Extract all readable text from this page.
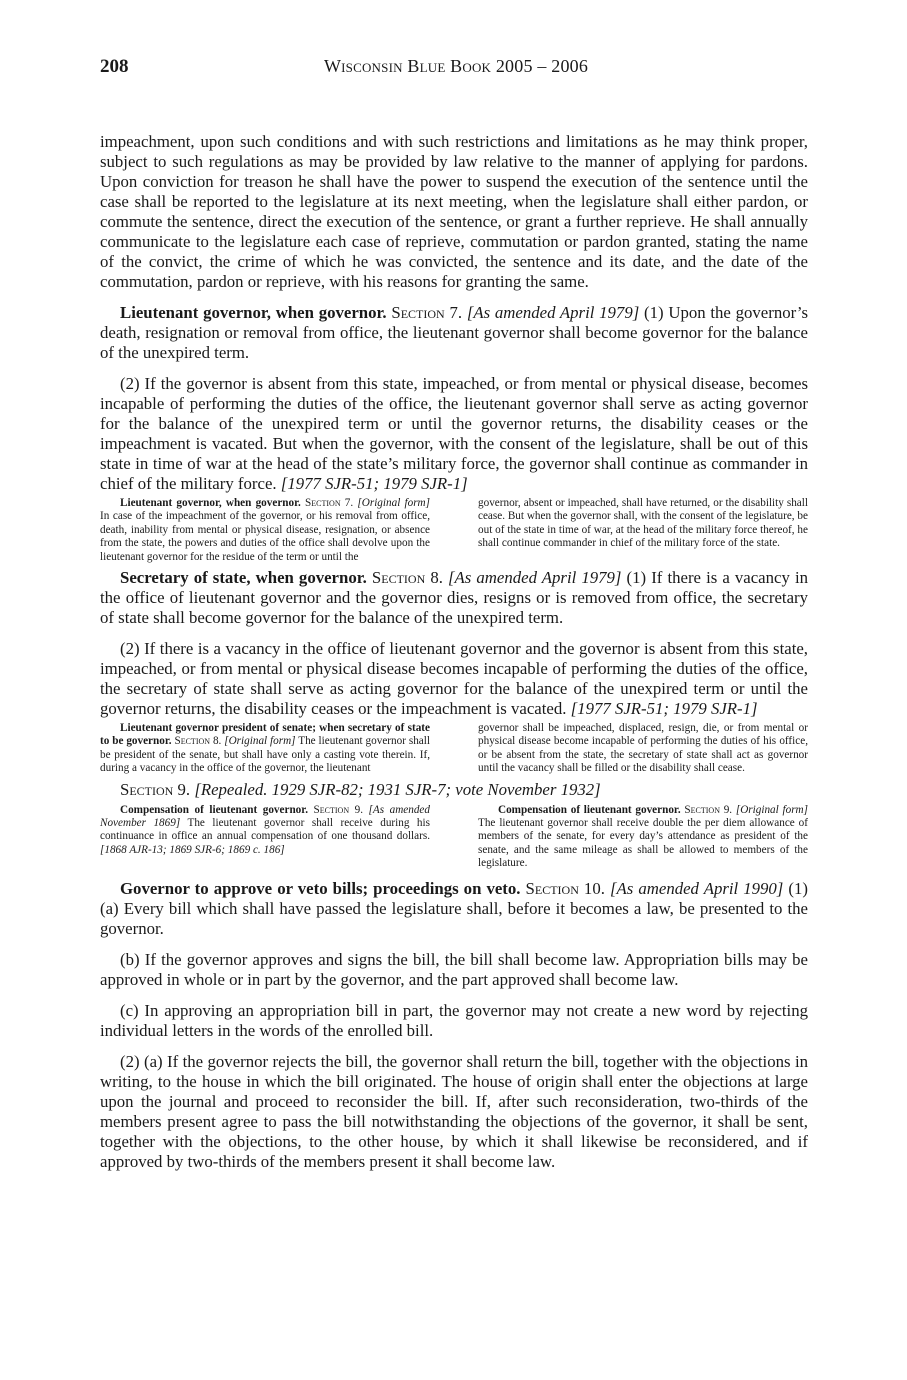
208	Wisconsin Blue Book 2005 – 2006

impeachment, upon such conditions and with such restrictions and limitations as he may think proper, subject to such regulations as may be provided by law relative to the manner of applying for pardons. Upon conviction for treason he shall have the power to suspend the execution of the sentence until the case shall be reported to the legislature at its next meeting, when the legislature shall either pardon, or commute the sentence, direct the execution of the sentence, or grant a further reprieve. He shall annually communicate to the legislature each case of reprieve, commutation or pardon granted, stating the name of the convict, the crime of which he was convicted, the sentence and its date, and the date of the commutation, pardon or reprieve, with his reasons for granting the same.

Lieutenant governor, when governor. Section 7. [As amended April 1979] (1) Upon the governor’s death, resignation or removal from office, the lieutenant governor shall become governor for the balance of the unexpired term.

(2) If the governor is absent from this state, impeached, or from mental or physical disease, becomes incapable of performing the duties of the office, the lieutenant governor shall serve as acting governor for the balance of the unexpired term or until the governor returns, the disability ceases or the impeachment is vacated. But when the governor, with the consent of the legislature, shall be out of this state in time of war at the head of the state’s military force, the governor shall continue as commander in chief of the military force. [1977 SJR-51; 1979 SJR-1]

Lieutenant governor, when governor. Section 7. [Original form] In case of the impeachment of the governor, or his removal from office, death, inability from mental or physical disease, resignation, or absence from the state, the powers and duties of the office shall devolve upon the lieutenant governor for the residue of the term or until the
governor, absent or impeached, shall have returned, or the disability shall cease. But when the governor shall, with the consent of the legislature, be out of the state in time of war, at the head of the military force thereof, he shall continue commander in chief of the military force of the state.

Secretary of state, when governor. Section 8. [As amended April 1979] (1) If there is a vacancy in the office of lieutenant governor and the governor dies, resigns or is removed from office, the secretary of state shall become governor for the balance of the unexpired term.

(2) If there is a vacancy in the office of lieutenant governor and the governor is absent from this state, impeached, or from mental or physical disease becomes incapable of performing the duties of the office, the secretary of state shall serve as acting governor for the balance of the unexpired term or until the governor returns, the disability ceases or the impeachment is vacated. [1977 SJR-51; 1979 SJR-1]

Lieutenant governor president of senate; when secretary of state to be governor. Section 8. [Original form] The lieutenant governor shall be president of the senate, but shall have only a casting vote therein. If, during a vacancy in the office of the governor, the lieutenant
governor shall be impeached, displaced, resign, die, or from mental or physical disease become incapable of performing the duties of his office, or be absent from the state, the secretary of state shall act as governor until the vacancy shall be filled or the disability shall cease.

Section 9. [Repealed. 1929 SJR-82; 1931 SJR-7; vote November 1932]

Compensation of lieutenant governor. Section 9. [As amended November 1869] The lieutenant governor shall receive during his continuance in office an annual compensation of one thousand dollars. [1868 AJR-13; 1869 SJR-6; 1869 c. 186]
Compensation of lieutenant governor. Section 9. [Original form] The lieutenant governor shall receive double the per diem allowance of members of the senate, for every day’s attendance as president of the senate, and the same mileage as shall be allowed to members of the legislature.

Governor to approve or veto bills; proceedings on veto. Section 10. [As amended April 1990] (1) (a) Every bill which shall have passed the legislature shall, before it becomes a law, be presented to the governor.

(b) If the governor approves and signs the bill, the bill shall become law. Appropriation bills may be approved in whole or in part by the governor, and the part approved shall become law.

(c) In approving an appropriation bill in part, the governor may not create a new word by rejecting individual letters in the words of the enrolled bill.

(2) (a) If the governor rejects the bill, the governor shall return the bill, together with the objections in writing, to the house in which the bill originated. The house of origin shall enter the objections at large upon the journal and proceed to reconsider the bill. If, after such reconsideration, two-thirds of the members present agree to pass the bill notwithstanding the objections of the governor, it shall be sent, together with the objections, to the other house, by which it shall likewise be reconsidered, and if approved by two-thirds of the members present it shall become law.
